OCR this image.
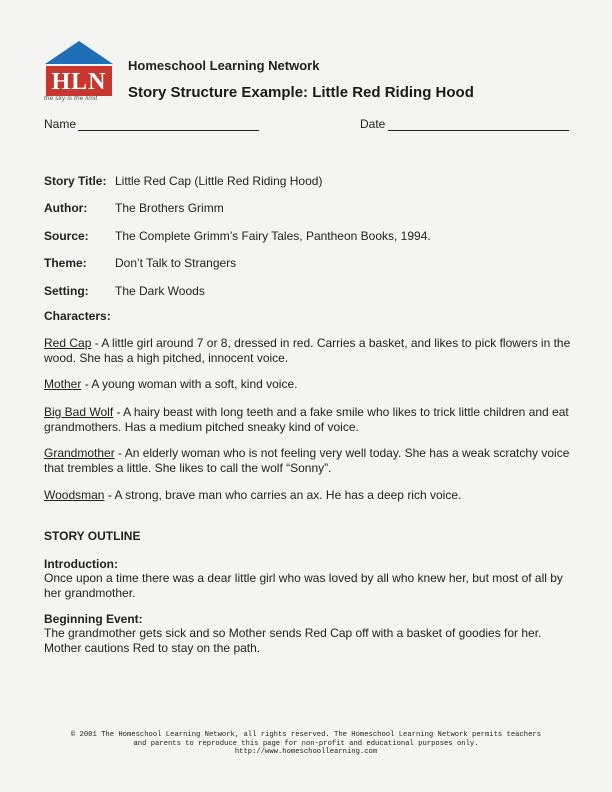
HLN
the sky is the limit
Homeschool Learning Network
Story Structure Example: Little Red Riding Hood
Name	Date
Story Title: Little Red Cap (Little Red Riding Hood)
Author: The Brothers Grimm
Source: The Complete Grimm’s Fairy Tales, Pantheon Books, 1994.
Theme: Don’t Talk to Strangers
Setting: The Dark Woods
Characters:
Red Cap - A little girl around 7 or 8, dressed in red. Carries a basket, and likes to pick flowers in the wood. She has a high pitched, innocent voice.
Mother - A young woman with a soft, kind voice.
Big Bad Wolf - A hairy beast with long teeth and a fake smile who likes to trick little children and eat grandmothers. Has a medium pitched sneaky kind of voice.
Grandmother - An elderly woman who is not feeling very well today. She has a weak scratchy voice that trembles a little. She likes to call the wolf “Sonny”.
Woodsman - A strong, brave man who carries an ax. He has a deep rich voice.
STORY OUTLINE
Introduction:
Once upon a time there was a dear little girl who was loved by all who knew her, but most of all by her grandmother.
Beginning Event:
The grandmother gets sick and so Mother sends Red Cap off with a basket of goodies for her. Mother cautions Red to stay on the path.
© 2001 The Homeschool Learning Network, all rights reserved. The Homeschool Learning Network permits teachers
and parents to reproduce this page for non-profit and educational purposes only.
http://www.homeschoollearning.com
